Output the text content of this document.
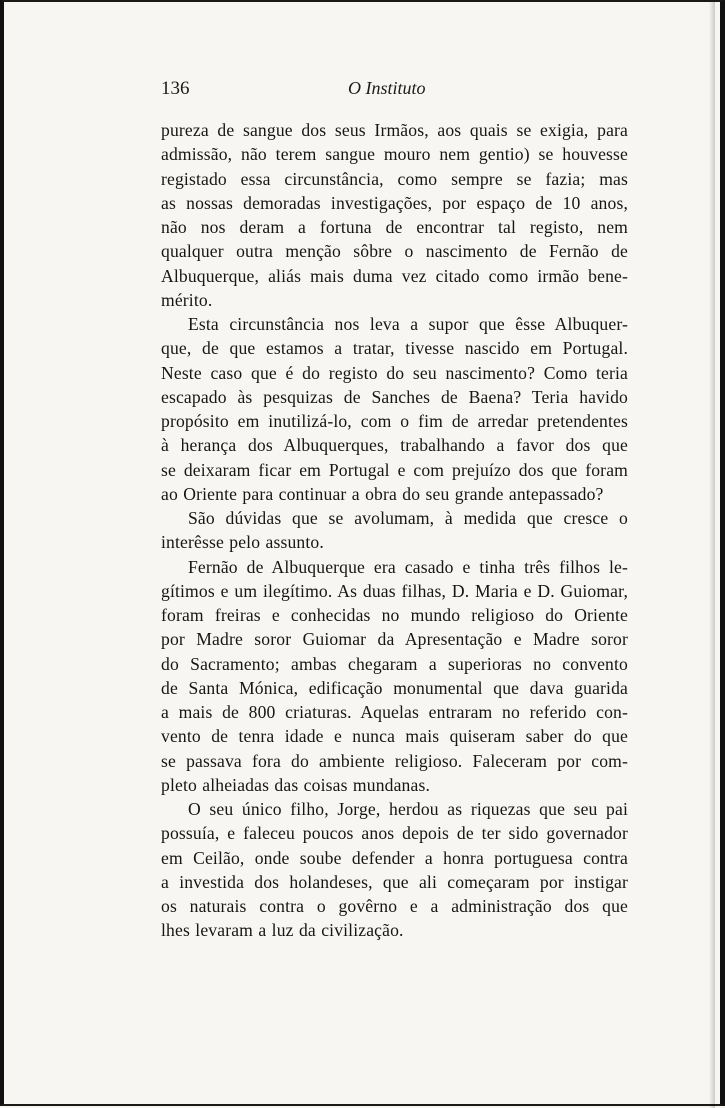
136	O Instituto
pureza de sangue dos seus Irmãos, aos quais se exigia, para
admissão, não terem sangue mouro nem gentio) se houvesse
registado essa circunstância, como sempre se fazia; mas
as nossas demoradas investigações, por espaço de 10 anos,
não nos deram a fortuna de encontrar tal registo, nem
qualquer outra menção sôbre o nascimento de Fernão de
Albuquerque, aliás mais duma vez citado como irmão bene-
mérito.
Esta circunstância nos leva a supor que êsse Albuquer-
que, de que estamos a tratar, tivesse nascido em Portugal.
Neste caso que é do registo do seu nascimento? Como teria
escapado às pesquizas de Sanches de Baena? Teria havido
propósito em inutilizá-lo, com o fim de arredar pretendentes
à herança dos Albuquerques, trabalhando a favor dos que
se deixaram ficar em Portugal e com prejuízo dos que foram
ao Oriente para continuar a obra do seu grande antepassado?
São dúvidas que se avolumam, à medida que cresce o
interêsse pelo assunto.
Fernão de Albuquerque era casado e tinha três filhos le-
gítimos e um ilegítimo. As duas filhas, D. Maria e D. Guiomar,
foram freiras e conhecidas no mundo religioso do Oriente
por Madre soror Guiomar da Apresentação e Madre soror
do Sacramento; ambas chegaram a superioras no convento
de Santa Mónica, edificação monumental que dava guarida
a mais de 800 criaturas. Aquelas entraram no referido con-
vento de tenra idade e nunca mais quiseram saber do que
se passava fora do ambiente religioso. Faleceram por com-
pleto alheiadas das coisas mundanas.
O seu único filho, Jorge, herdou as riquezas que seu pai
possuía, e faleceu poucos anos depois de ter sido governador
em Ceilão, onde soube defender a honra portuguesa contra
a investida dos holandeses, que ali começaram por instigar
os naturais contra o govêrno e a administração dos que
lhes levaram a luz da civilização.
